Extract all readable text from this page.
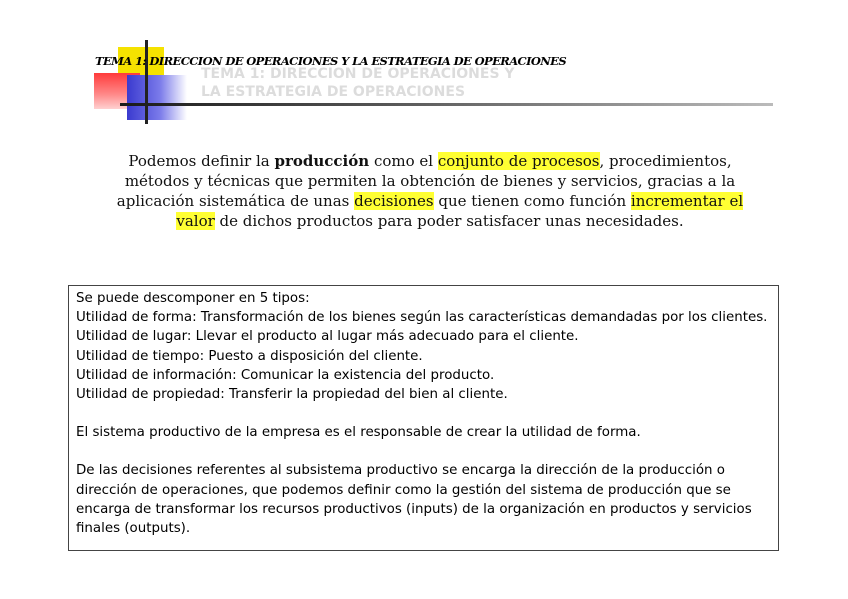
TEMA 1: DIRECCION DE OPERACIONES Y
LA ESTRATEGIA DE OPERACIONES
TEMA 1: DIRECCION DE OPERACIONES Y LA ESTRATEGIA DE OPERACIONES
Podemos definir la producción como el conjunto de procesos, procedimientos, métodos y técnicas que permiten la obtención de bienes y servicios, gracias a la aplicación sistemática de unas decisiones que tienen como función incrementar el valor de dichos productos para poder satisfacer unas necesidades.

Se puede descomponer en 5 tipos:

Utilidad de forma: Transformación de los bienes según las características demandadas por los clientes.

Utilidad de lugar: Llevar el producto al lugar más adecuado para el cliente.

Utilidad de tiempo: Puesto a disposición del cliente.

Utilidad de información: Comunicar la existencia del producto.

Utilidad de propiedad: Transferir la propiedad del bien al cliente.

El sistema productivo de la empresa es el responsable de crear la utilidad de forma.

De las decisiones referentes al subsistema productivo se encarga la dirección de la producción o dirección de operaciones, que podemos definir como la gestión del sistema de producción que se encarga de transformar los recursos productivos (inputs) de la organización en productos y servicios finales (outputs).
